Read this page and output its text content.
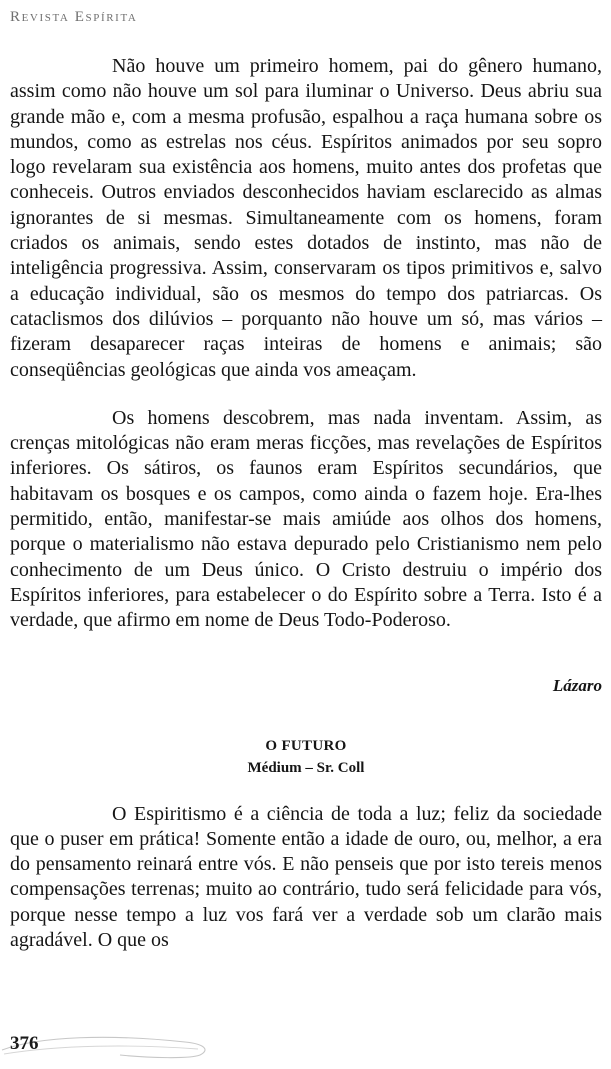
Revista Espírita

Não houve um primeiro homem, pai do gênero humano, assim como não houve um sol para iluminar o Universo. Deus abriu sua grande mão e, com a mesma profusão, espalhou a raça humana sobre os mundos, como as estrelas nos céus. Espíritos animados por seu sopro logo revelaram sua existência aos homens, muito antes dos profetas que conheceis. Outros enviados desconhecidos haviam esclarecido as almas ignorantes de si mesmas. Simultaneamente com os homens, foram criados os animais, sendo estes dotados de instinto, mas não de inteligência progressiva. Assim, conservaram os tipos primitivos e, salvo a educação individual, são os mesmos do tempo dos patriarcas. Os cataclismos dos dilúvios – porquanto não houve um só, mas vários – fizeram desaparecer raças inteiras de homens e animais; são conseqüências geológicas que ainda vos ameaçam.

Os homens descobrem, mas nada inventam. Assim, as crenças mitológicas não eram meras ficções, mas revelações de Espíritos inferiores. Os sátiros, os faunos eram Espíritos secundários, que habitavam os bosques e os campos, como ainda o fazem hoje. Era-lhes permitido, então, manifestar-se mais amiúde aos olhos dos homens, porque o materialismo não estava depurado pelo Cristianismo nem pelo conhecimento de um Deus único. O Cristo destruiu o império dos Espíritos inferiores, para estabelecer o do Espírito sobre a Terra. Isto é a verdade, que afirmo em nome de Deus Todo-Poderoso.

Lázaro

O FUTURO

Médium – Sr. Coll

O Espiritismo é a ciência de toda a luz; feliz da sociedade que o puser em prática! Somente então a idade de ouro, ou, melhor, a era do pensamento reinará entre vós. E não penseis que por isto tereis menos compensações terrenas; muito ao contrário, tudo será felicidade para vós, porque nesse tempo a luz vos fará ver a verdade sob um clarão mais agradável. O que os

376
